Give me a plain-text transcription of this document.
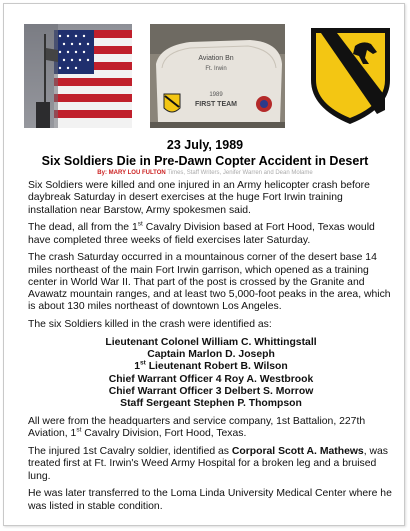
Aviation Bn
Ft. Irwin
1989
FIRST TEAM
23 July, 1989
Six Soldiers Die in Pre-Dawn Copter Accident in Desert
By: MARY LOU FULTON Times, Staff Writers, Jenifer Warren and Dean Molame

Six Soldiers were killed and one injured in an Army helicopter crash before daybreak Saturday in desert exercises at the huge Fort Irwin training installation near Barstow, Army spokesmen said.

The dead, all from the 1st Cavalry Division based at Fort Hood, Texas would have completed three weeks of field exercises later Saturday.

The crash Saturday occurred in a mountainous corner of the desert base 14 miles northeast of the main Fort Irwin garrison, which opened as a training center in World War II. That part of the post is crossed by the Granite and Avawatz mountain ranges, and at least two 5,000-foot peaks in the area, which is about 130 miles northeast of downtown Los Angeles.

The six Soldiers killed in the crash were identified as:

Lieutenant Colonel William C. Whittingstall
Captain Marlon D. Joseph
1st Lieutenant Robert B. Wilson
Chief Warrant Officer 4 Roy A. Westbrook
Chief Warrant Officer 3 Delbert S. Morrow
Staff Sergeant Stephen P. Thompson

All were from the headquarters and service company, 1st Battalion, 227th Aviation, 1st Cavalry Division, Fort Hood, Texas.

The injured 1st Cavalry soldier, identified as Corporal Scott A. Mathews, was treated first at Ft. Irwin's Weed Army Hospital for a broken leg and a bruised lung.

He was later transferred to the Loma Linda University Medical Center where he was listed in stable condition.
